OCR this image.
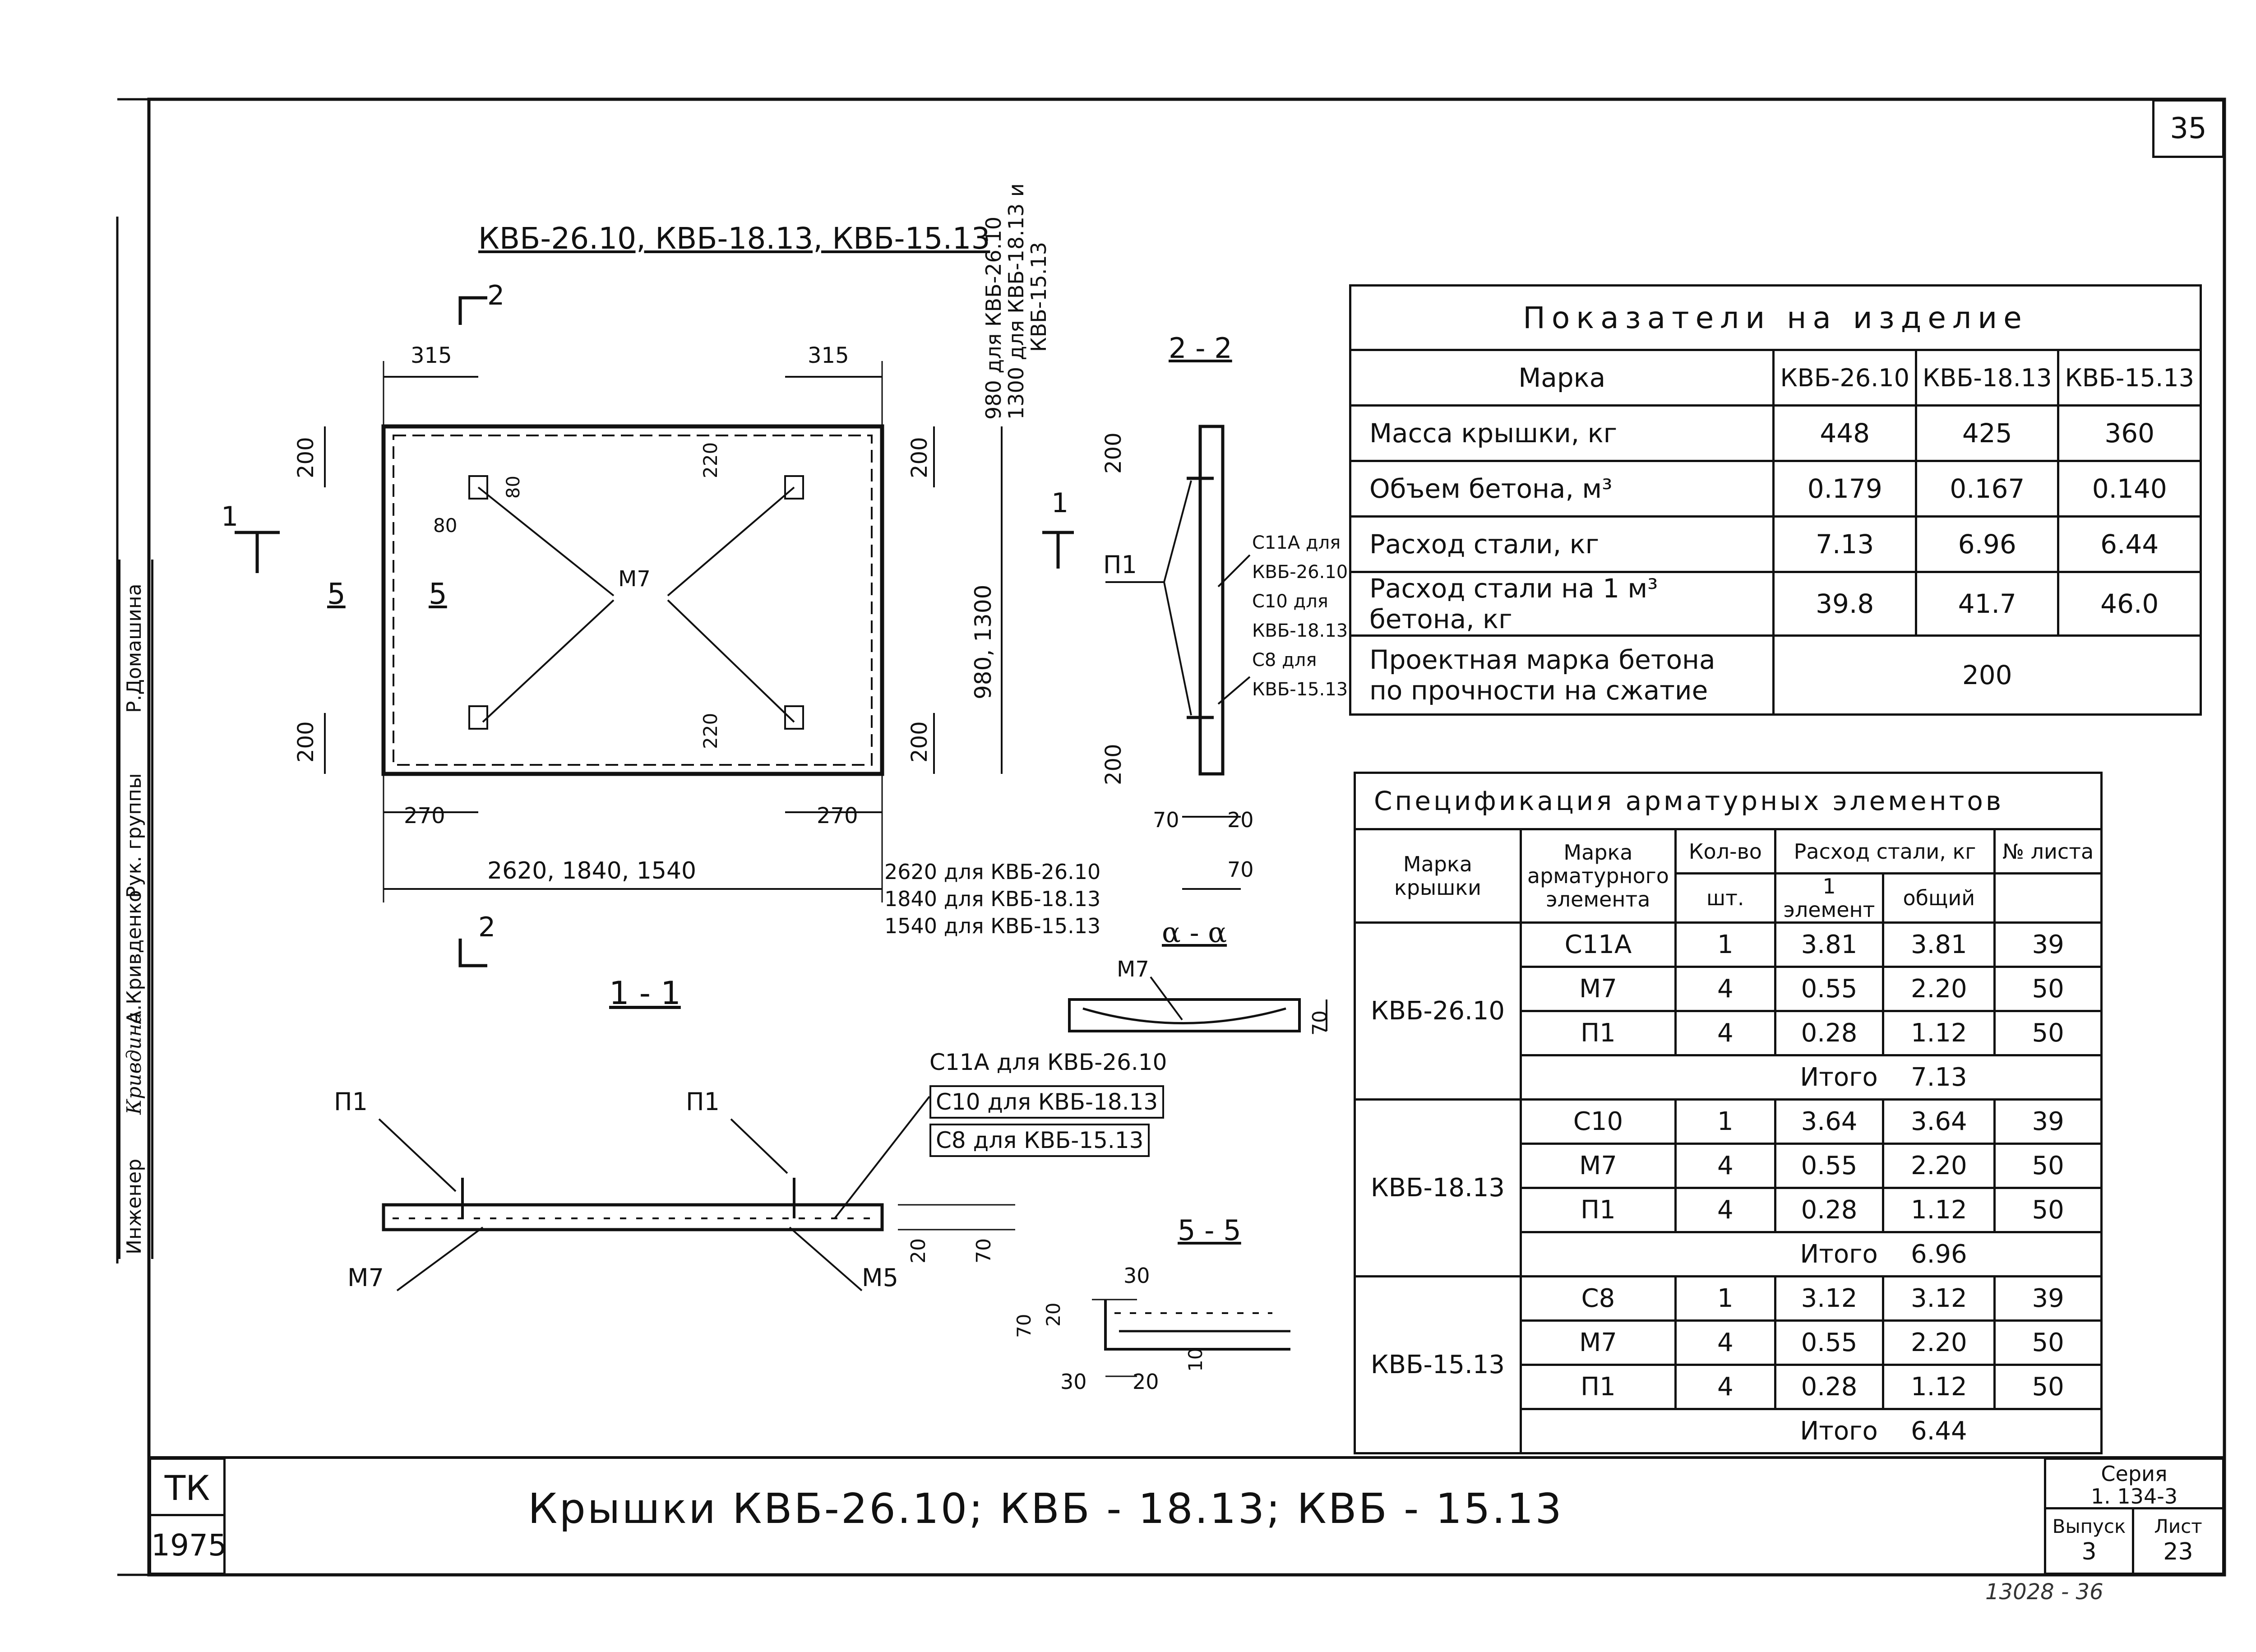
35
Инженер
Кривдина
А.Кривденко
Рук. группы
Р.Домашина
КВБ-26.10, КВБ-18.13, КВБ-15.13
980 для КВБ-26.10
1300 для КВБ-18.13 и
КВБ-15.13
2
2
1	1
5	5
315	315
200
200
200
200
220
220
80
80
270	270
2620, 1840, 1540
980, 1300
М7
2620 для КВБ-26.10
1840 для КВБ-18.13
1540 для КВБ-15.13
2 - 2
П1
200
200
С11А для
КВБ-26.10
С10 для
КВБ-18.13
С8 для
КВБ-15.13
70 20
70
α - α
М7
70
1 - 1
П1	П1
М7	М5
С11А для КВБ-26.10
С10 для КВБ-18.13
С8 для КВБ-15.13
20 70
5 - 5
30
70 20
10
30 20
Показатели на изделие			
Марка	КВБ-26.10	КВБ-18.13	КВБ-15.13
Масса крышки, кг	448	425	360
Объем бетона, м³	0.179	0.167	0.140
Расход стали, кг	7.13	6.96	6.44
Расход стали на 1 м³ бетона, кг	39.8	41.7	46.0

Проектная марка бетона
по прочности на сжатие	200		
Спецификация арматурных элементов					
Марка крышки	Марка арматурного элемента	Кол-во	Расход стали, кг		№ листа
		шт.	1 элемент	общий	
КВБ-26.10	С11А	1	3.81	3.81	39
	М7	4	0.55	2.20	50
	П1	4	0.28	1.12	50
	Итого			7.13	
КВБ-18.13	С10	1	3.64	3.64	39
	М7	4	0.55	2.20	50
	П1	4	0.28	1.12	50
	Итого			6.96	
КВБ-15.13	С8	1	3.12	3.12	39
	М7	4	0.55	2.20	50
	П1	4	0.28	1.12	50
	Итого			6.44	
ТК
1975
Крышки КВБ-26.10; КВБ - 18.13; КВБ - 15.13
Серия
1. 134-3
Выпуск
3
Лист
23
13028 - 36
